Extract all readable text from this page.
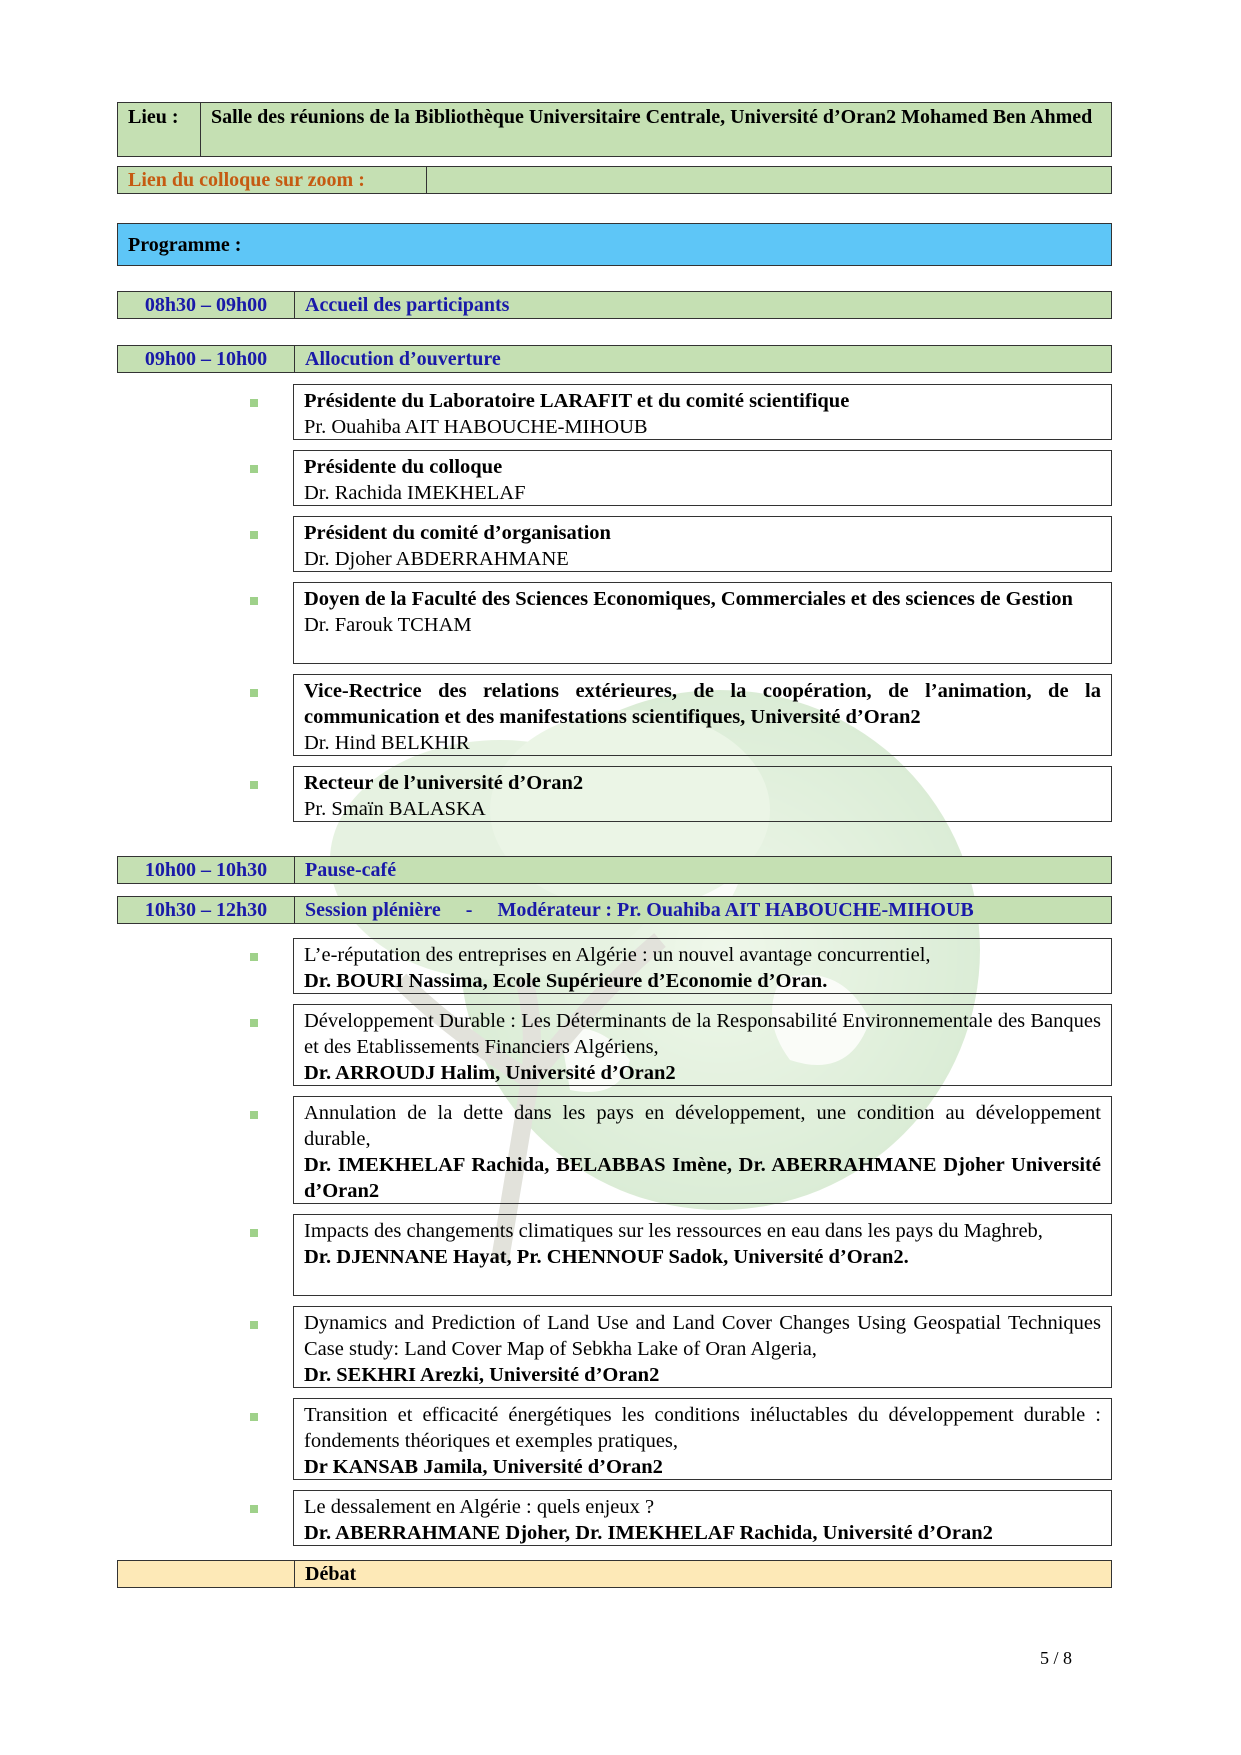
Lieu :	Salle des réunions de la Bibliothèque Universitaire Centrale, Université d’Oran2 Mohamed Ben Ahmed
Lien du colloque sur zoom :
Programme :
08h30 – 09h00	Accueil des participants
09h00 – 10h00	Allocution d’ouverture
Présidente du Laboratoire LARAFIT et du comité scientifique
Pr. Ouahiba AIT HABOUCHE-MIHOUB
Présidente du colloque
Dr. Rachida IMEKHELAF
Président du comité d’organisation
Dr. Djoher ABDERRAHMANE
Doyen de la Faculté des Sciences Economiques, Commerciales et des sciences de Gestion
Dr. Farouk TCHAM
Vice-Rectrice des relations extérieures, de la coopération, de l’animation, de la communication et des manifestations scientifiques, Université d’Oran2
Dr. Hind BELKHIR
Recteur de l’université d’Oran2
Pr. Smaïn BALASKA
10h00 – 10h30	Pause-café
10h30 – 12h30	Session plénière - Modérateur : Pr. Ouahiba AIT HABOUCHE-MIHOUB
L’e-réputation des entreprises en Algérie : un nouvel avantage concurrentiel,
Dr. BOURI Nassima, Ecole Supérieure d’Economie d’Oran.
Développement Durable : Les Déterminants de la Responsabilité Environnementale des Banques et des Etablissements Financiers Algériens,
Dr. ARROUDJ Halim, Université d’Oran2
Annulation de la dette dans les pays en développement, une condition au développement durable,
Dr. IMEKHELAF Rachida, BELABBAS Imène, Dr. ABERRAHMANE Djoher Université d’Oran2
Impacts des changements climatiques sur les ressources en eau dans les pays du Maghreb,
Dr. DJENNANE Hayat, Pr. CHENNOUF Sadok, Université d’Oran2.
Dynamics and Prediction of Land Use and Land Cover Changes Using Geospatial Techniques Case study: Land Cover Map of Sebkha Lake of Oran Algeria,
Dr. SEKHRI Arezki, Université d’Oran2
Transition et efficacité énergétiques les conditions inéluctables du développement durable : fondements théoriques et exemples pratiques,
Dr KANSAB Jamila, Université d’Oran2
Le dessalement en Algérie : quels enjeux ?
Dr. ABERRAHMANE Djoher, Dr. IMEKHELAF Rachida, Université d’Oran2
Débat
5 / 8
